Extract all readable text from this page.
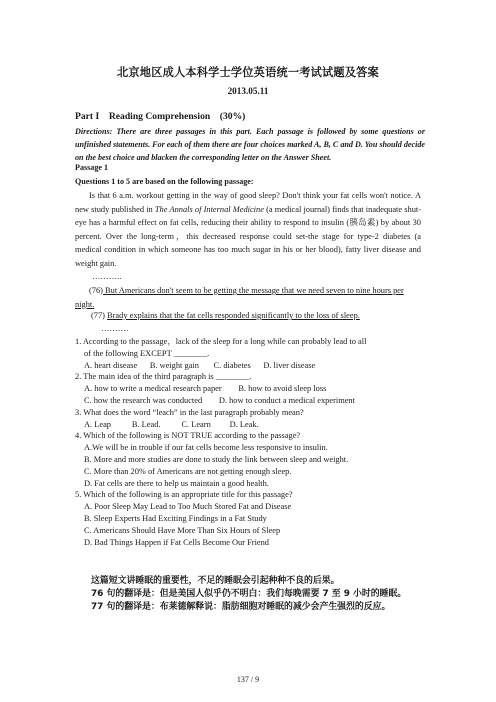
北京地区成人本科学士学位英语统一考试试题及答案
2013.05.11
Part I    Reading Comprehension    (30%)
Directions: There are three passages in this part. Each passage is followed by some questions or unfinished statements. For each of them there are four choices marked A, B, C and D. You should decide on the best choice and blacken the corresponding letter on the Answer Sheet.
Passage 1
Questions 1 to 5 are based on the following passage:
Is that 6 a.m. workout getting in the way of good sleep? Don't think your fat cells won't notice. A new study published in The Annals of Internal Medicine (a medical journal) finds that inadequate shut-eye has a harmful effect on fat cells, reducing their ability to respond to insulin (胰岛素) by about 30 percent. Over the long-term，this decreased response could set-the stage for type-2 diabetes (a medical condition in which someone has too much sugar in his or her blood), fatty liver disease and weight gain.
………..
(76) But Americans don't seem to be getting the message that we need seven to nine hours per night.
(77) Brady explains that the fat cells responded significantly to the loss of sleep.
……….
1. According to the passage，lack of the sleep for a long while can probably lead to all
of the following EXCEPT ________.
A. heart disease      B. weight gain       C. diabetes      D. liver disease
2. The main idea of the third paragraph is ________.
A. how to write a medical research paper        B. how to avoid sleep loss
C. how the research was conducted        D. how to conduct a medical experiment
3. What does the word “leach” in the last paragraph probably mean?
A. Leap          B. Lead.          C. Learn         D. Leak.
4. Which of the following is NOT TRUE according to the passage?
A.We will be in trouble if our fat cells become less responsive to insulin.
B. More and more studies are done to study the link between sleep and weight.
C. More than 20% of Americans are not getting enough sleep.
D. Fat cells are there to help us maintain a good health.
5. Which of the following is an appropriate title for this passage?
A. Poor Sleep May Lead to Too Much Stored Fat and Disease
B. Sleep Experts Had Exciting Findings in a Fat Study
C. Americans Should Have More Than Six Hours of Sleep
D. Bad Things Happen if Fat Cells Become Our Friend
这篇短文讲睡眠的重要性，不足的睡眠会引起种种不良的后果。
76 句的翻译是：但是美国人似乎仍不明白：我们每晚需要 7 至 9 小时的睡眠。
77 句的翻译是：布莱德解释说：脂肪细胞对睡眠的减少会产生强烈的反应。
137 / 9
